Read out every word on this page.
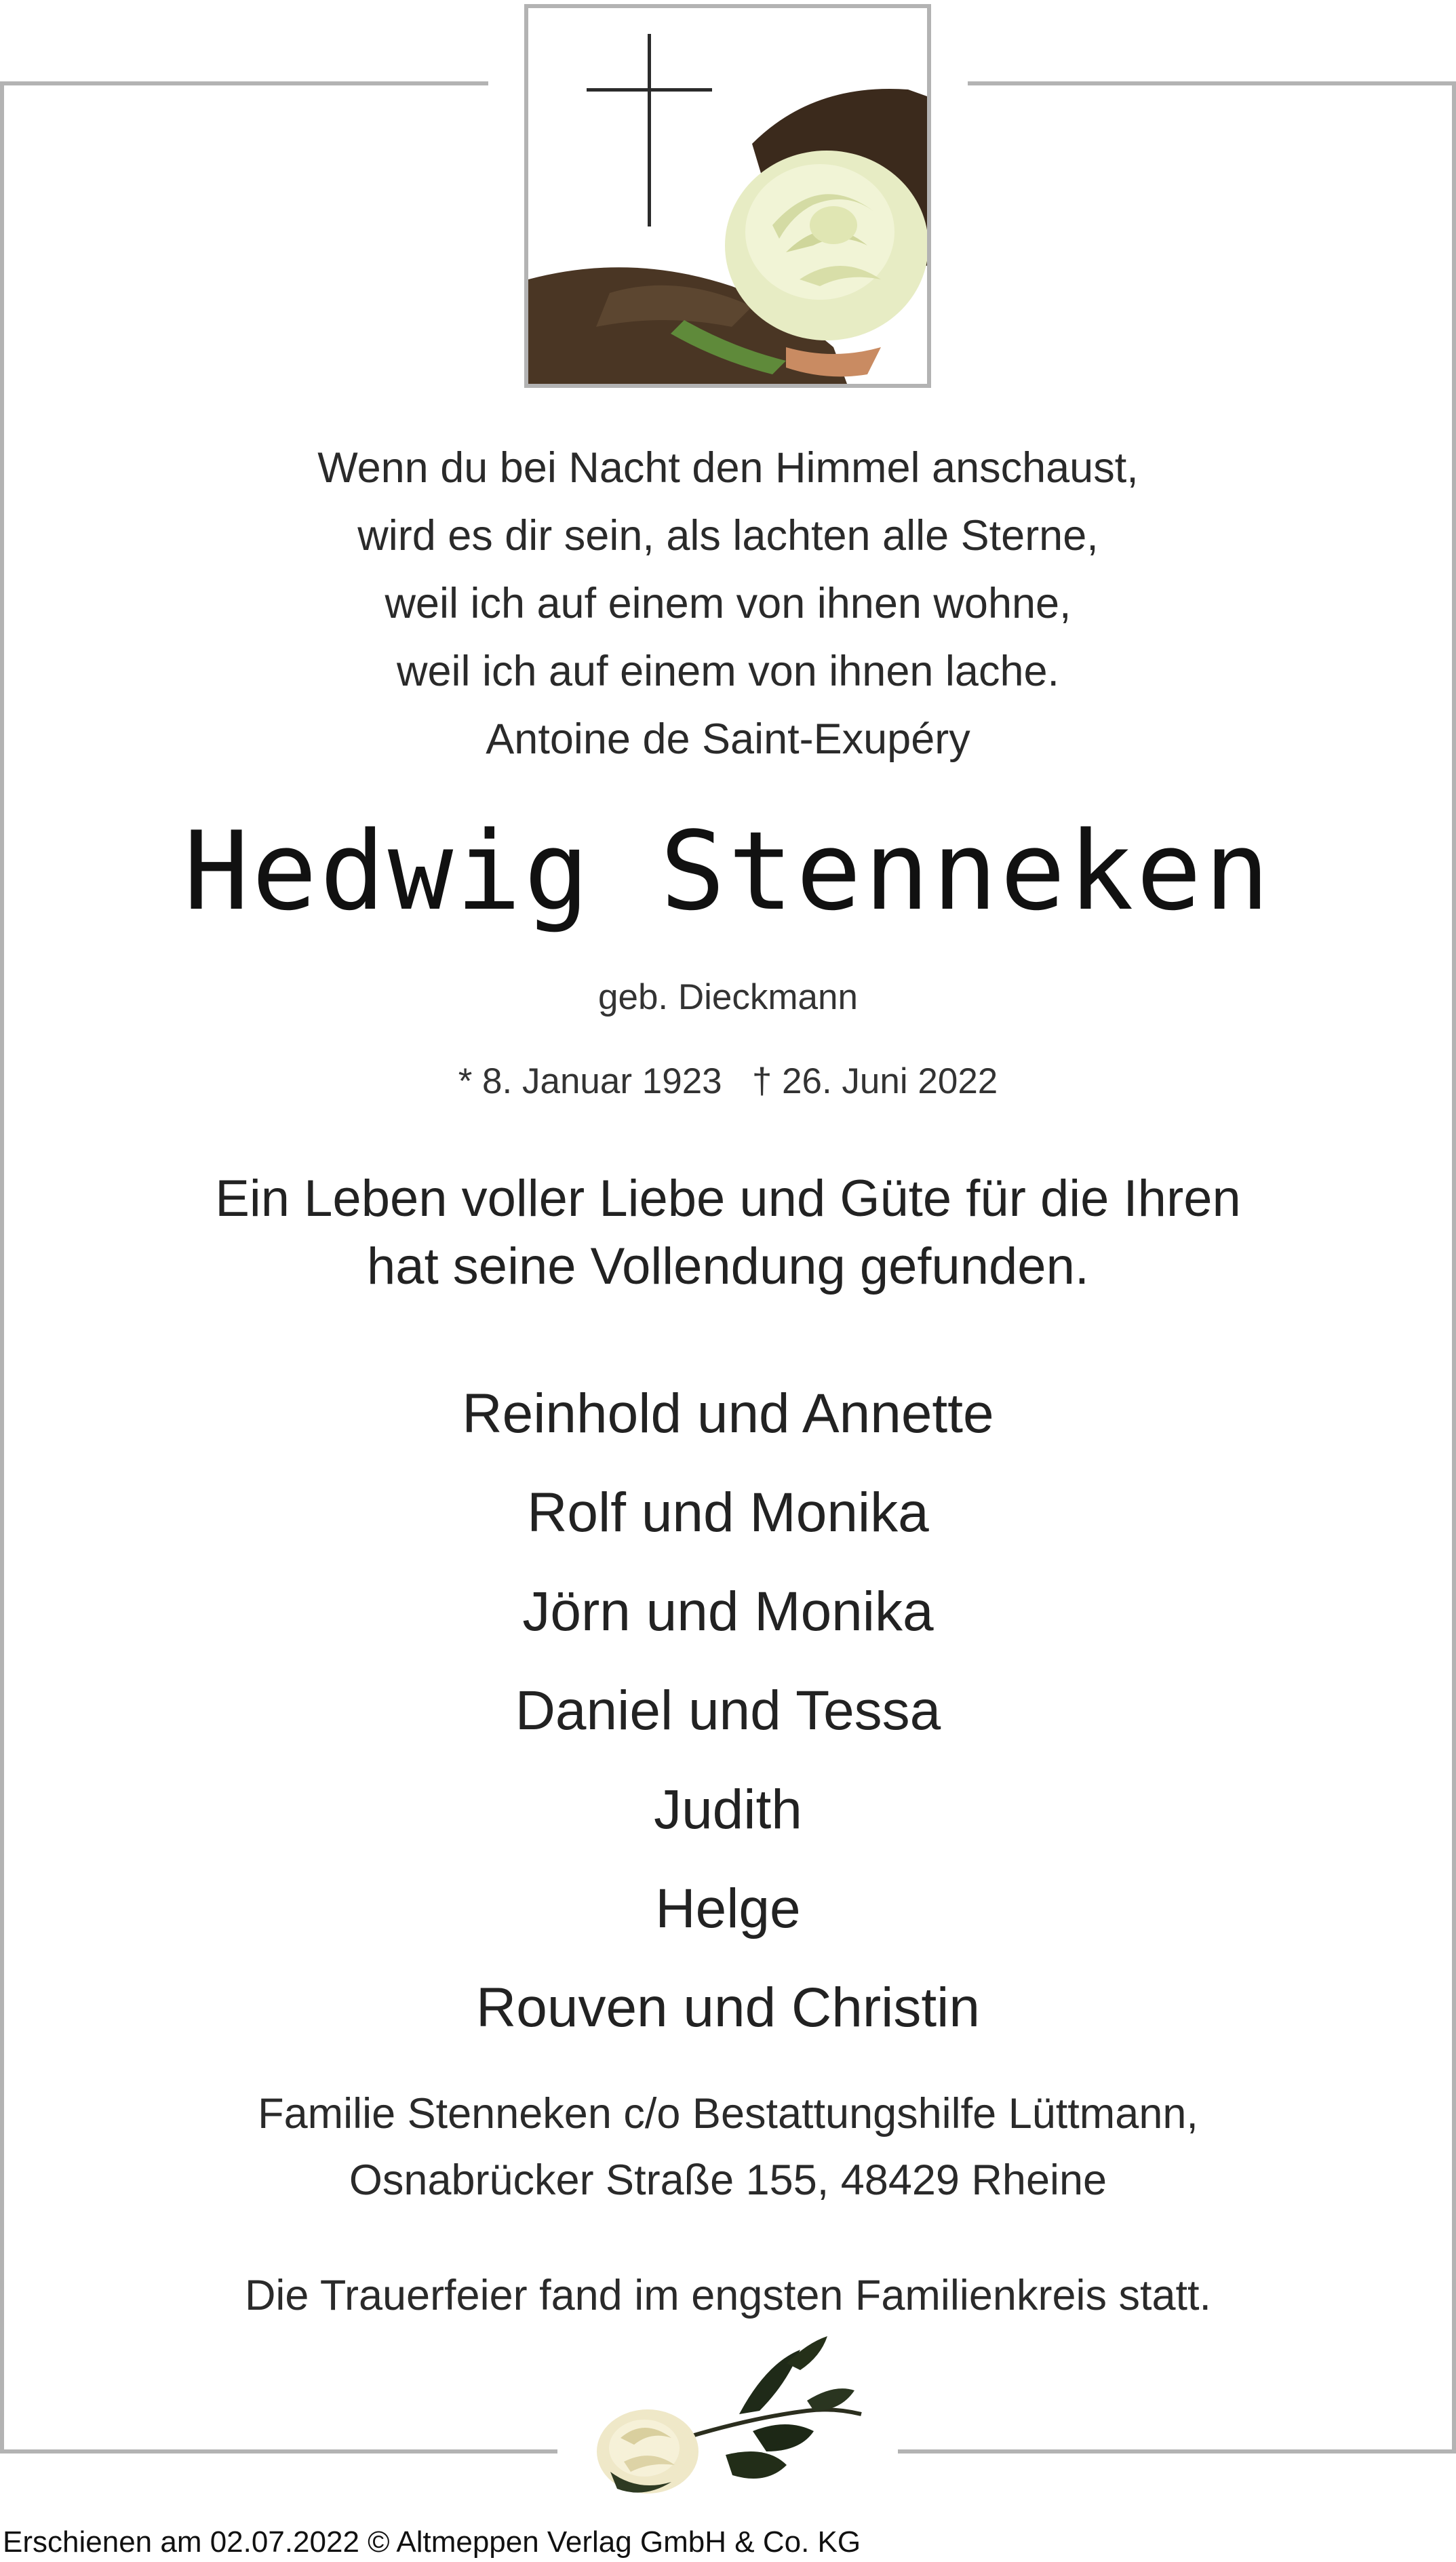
Wenn du bei Nacht den Himmel anschaust,
wird es dir sein, als lachten alle Sterne,
weil ich auf einem von ihnen wohne,
weil ich auf einem von ihnen lache.
Antoine de Saint-Exupéry
Hedwig Stenneken
geb. Dieckmann
* 8. Januar 1923   † 26. Juni 2022
Ein Leben voller Liebe und Güte für die Ihren
hat seine Vollendung gefunden.
Reinhold und Annette
Rolf und Monika
Jörn und Monika
Daniel und Tessa
Judith
Helge
Rouven und Christin
Familie Stenneken c/o Bestattungshilfe Lüttmann,
Osnabrücker Straße 155, 48429 Rheine
Die Trauerfeier fand im engsten Familienkreis statt.
Erschienen am 02.07.2022 © Altmeppen Verlag GmbH & Co. KG
